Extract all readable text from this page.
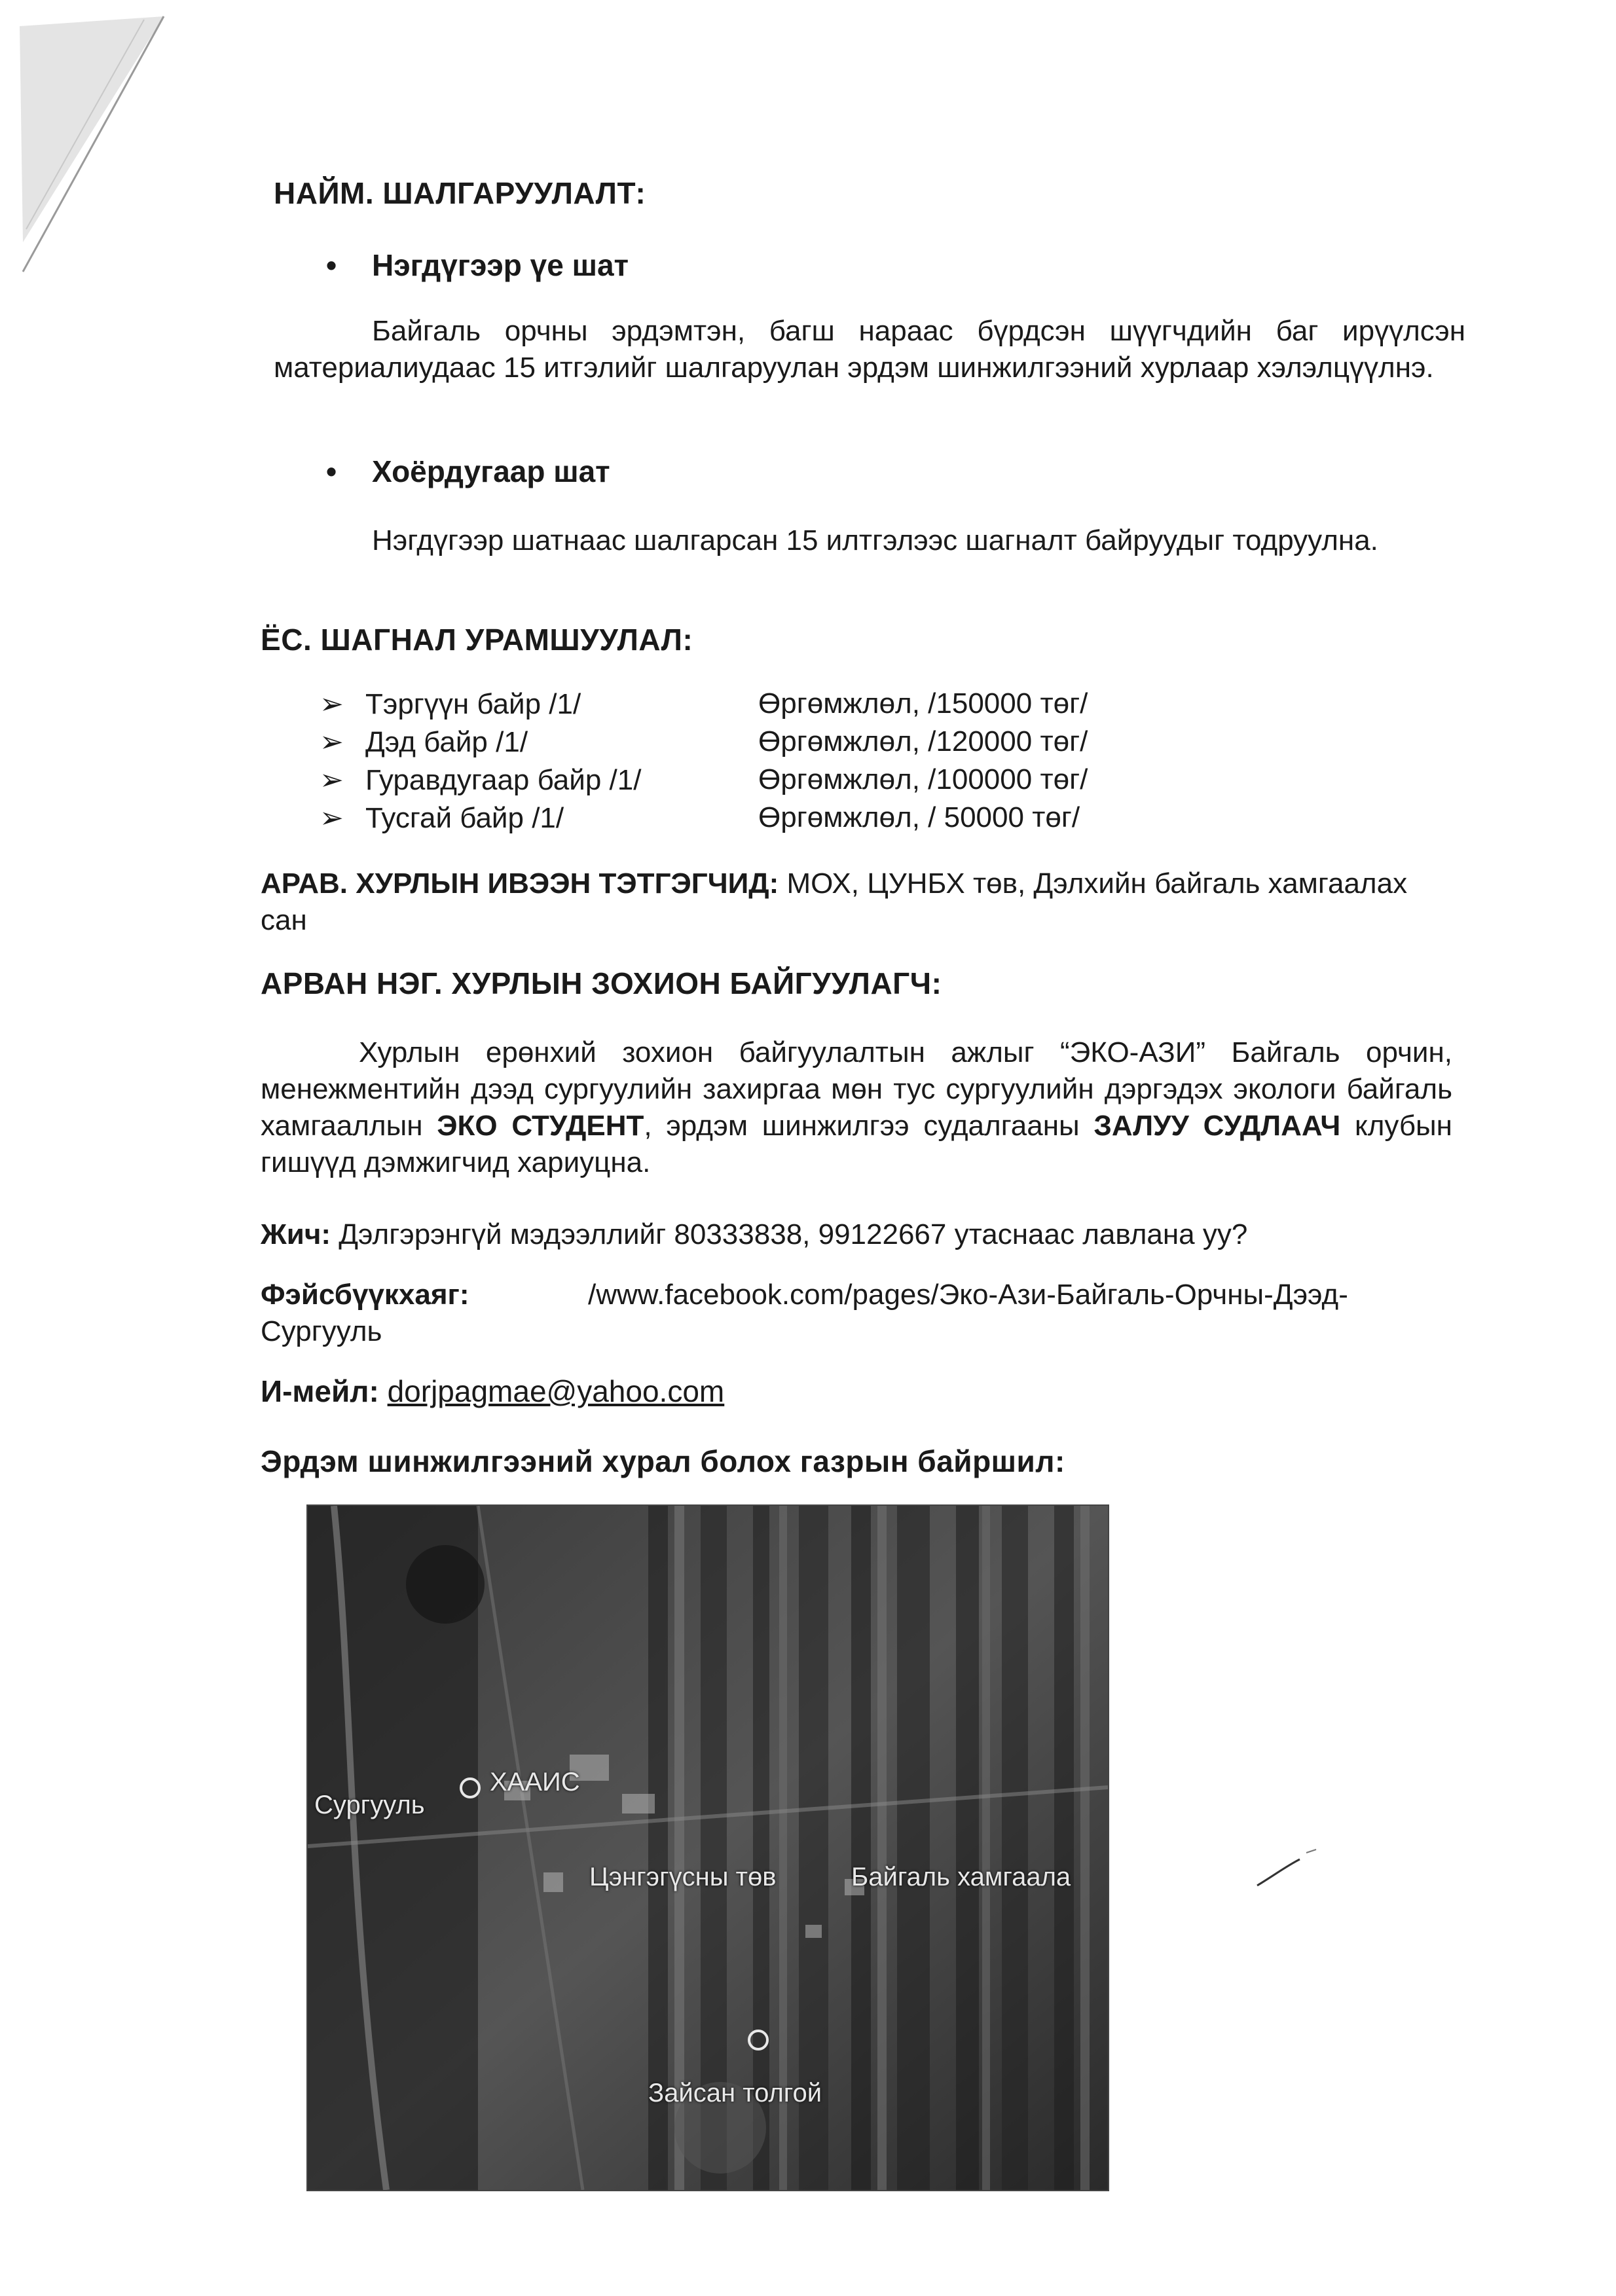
НАЙМ. ШАЛГАРУУЛАЛТ:
• Нэгдүгээр үе шат
Байгаль орчны эрдэмтэн, багш нараас бүрдсэн шүүгчдийн баг ирүүлсэн материалиудаас 15 итгэлийг шалгаруулан эрдэм шинжилгээний хурлаар хэлэлцүүлнэ.
• Хоёрдугаар шат
Нэгдүгээр шатнаас шалгарсан 15 илтгэлээс шагналт байруудыг тодруулна.
ЁС. ШАГНАЛ УРАМШУУЛАЛ:
➢ Тэргүүн байр /1/	Өргөмжлөл, /150000 төг/
➢ Дэд байр /1/	Өргөмжлөл, /120000 төг/
➢ Гуравдугаар байр /1/	Өргөмжлөл, /100000 төг/
➢ Тусгай байр /1/	Өргөмжлөл, / 50000 төг/
АРАВ. ХУРЛЫН ИВЭЭН ТЭТГЭГЧИД: МОХ, ЦУНБХ төв, Дэлхийн байгаль хамгаалах сан
АРВАН НЭГ. ХУРЛЫН ЗОХИОН БАЙГУУЛАГЧ:
Хурлын ерөнхий зохион байгуулалтын ажлыг “ЭКО-АЗИ” Байгаль орчин, менежментийн дээд сургуулийн захиргаа мөн тус сургуулийн дэргэдэх экологи байгаль хамгааллын ЭКО СТУДЕНТ, эрдэм шинжилгээ судалгааны ЗАЛУУ СУДЛААЧ клубын гишүүд дэмжигчид хариуцна.
Жич: Дэлгэрэнгүй мэдээллийг 80333838, 99122667 утаснаас лавлана уу?
Фэйсбүүкхаяг:	/www.facebook.com/pages/Эко-Ази-Байгаль-Орчны-Дээд-
Сургууль
И-мейл: dorjpagmae@yahoo.com
Эрдэм шинжилгээний хурал болох газрын байршил:
Сургууль
ХААИС
Цэнгэгүсны төв	Байгаль хамгаала
Зайсан толгой
